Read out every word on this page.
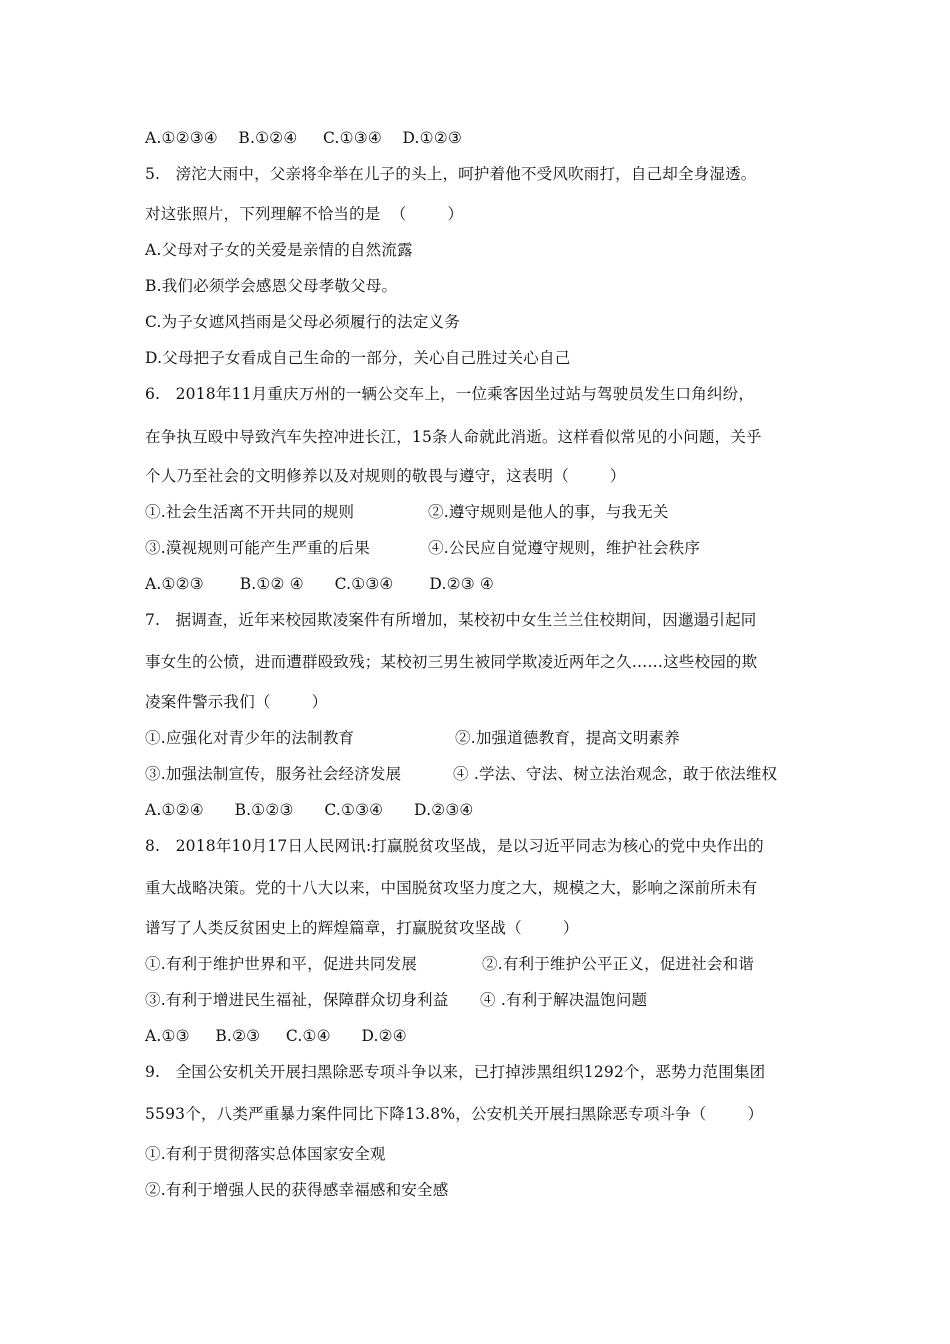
A.①②③④    B.①②④     C.①③④    D.①②③
5.   滂沱大雨中，父亲将伞举在儿子的头上，呵护着他不受风吹雨打，自己却全身湿透。
对这张照片，下列理解不恰当的是  （        ）
A.父母对子女的关爱是亲情的自然流露
B.我们必须学会感恩父母孝敬父母。
C.为子女遮风挡雨是父母必须履行的法定义务
D.父母把子女看成自己生命的一部分，关心自己胜过关心自己
6.   2018年11月重庆万州的一辆公交车上，一位乘客因坐过站与驾驶员发生口角纠纷，
在争执互殴中导致汽车失控冲进长江，15条人命就此消逝。这样看似常见的小问题，关乎
个人乃至社会的文明修养以及对规则的敬畏与遵守，这表明（        ）
①.社会生活离不开共同的规则	②.遵守规则是他人的事，与我无关
③.漠视规则可能产生严重的后果	④.公民应自觉遵守规则，维护社会秩序
A.①②③       B.①② ④      C.①③④       D.②③ ④
7.   据调查，近年来校园欺凌案件有所增加，某校初中女生兰兰住校期间，因邋遢引起同
事女生的公愤，进而遭群殴致残；某校初三男生被同学欺凌近两年之久……这些校园的欺
凌案件警示我们（        ）
①.应强化对青少年的法制教育	②.加强道德教育，提高文明素养
③.加强法制宣传，服务社会经济发展	④ .学法、守法、树立法治观念，敢于依法维权
A.①②④      B.①②③      C.①③④      D.②③④
8.   2018年10月17日人民网讯:打赢脱贫攻坚战，是以习近平同志为核心的党中央作出的
重大战略决策。党的十八大以来，中国脱贫攻坚力度之大，规模之大，影响之深前所未有
谱写了人类反贫困史上的辉煌篇章，打赢脱贫攻坚战（        ）
①.有利于维护世界和平，促进共同发展	②.有利于维护公平正义，促进社会和谐
③.有利于增进民生福祉，保障群众切身利益 ④ .有利于解决温饱问题
A.①③     B.②③     C.①④      D.②④
9.   全国公安机关开展扫黑除恶专项斗争以来，已打掉涉黑组织1292个，恶势力范围集团
5593个，八类严重暴力案件同比下降13.8%，公安机关开展扫黑除恶专项斗争（        ）
①.有利于贯彻落实总体国家安全观
②.有利于增强人民的获得感幸福感和安全感
